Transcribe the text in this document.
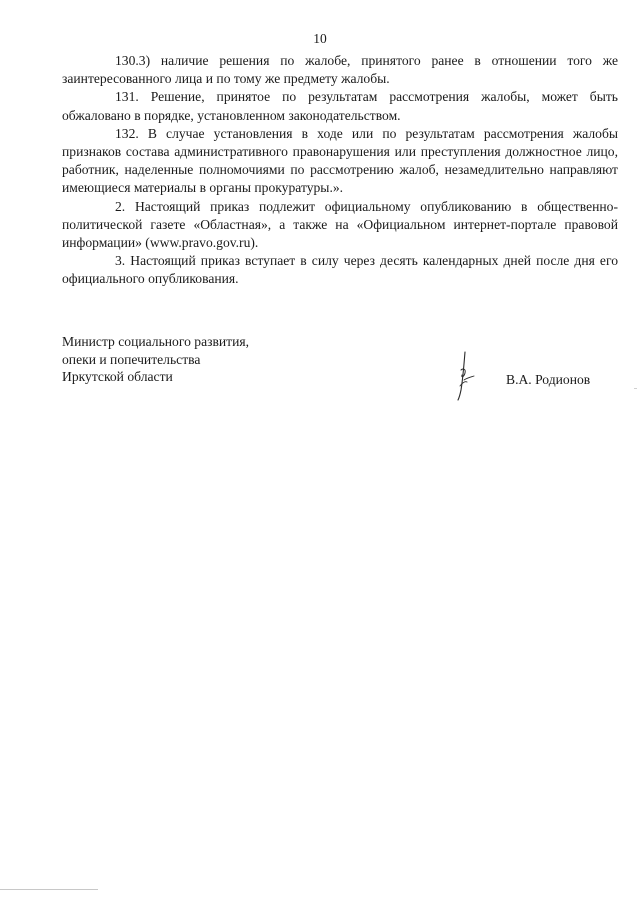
10

130.3) наличие решения по жалобе, принятого ранее в отношении того же заинтересованного лица и по тому же предмету жалобы.

131. Решение, принятое по результатам рассмотрения жалобы, может быть обжаловано в порядке, установленном законодательством.

132. В случае установления в ходе или по результатам рассмотрения жалобы признаков состава административного правонарушения или преступления должностное лицо, работник, наделенные полномочиями по рассмотрению жалоб, незамедлительно направляют имеющиеся материалы в органы прокуратуры.».

2. Настоящий приказ подлежит официальному опубликованию в общественно-политической газете «Областная», а также на «Официальном интернет-портале правовой информации» (www.pravo.gov.ru).

3. Настоящий приказ вступает в силу через десять календарных дней после дня его официального опубликования.

Министр социального развития,
опеки и попечительства
Иркутской области	В.А. Родионов
